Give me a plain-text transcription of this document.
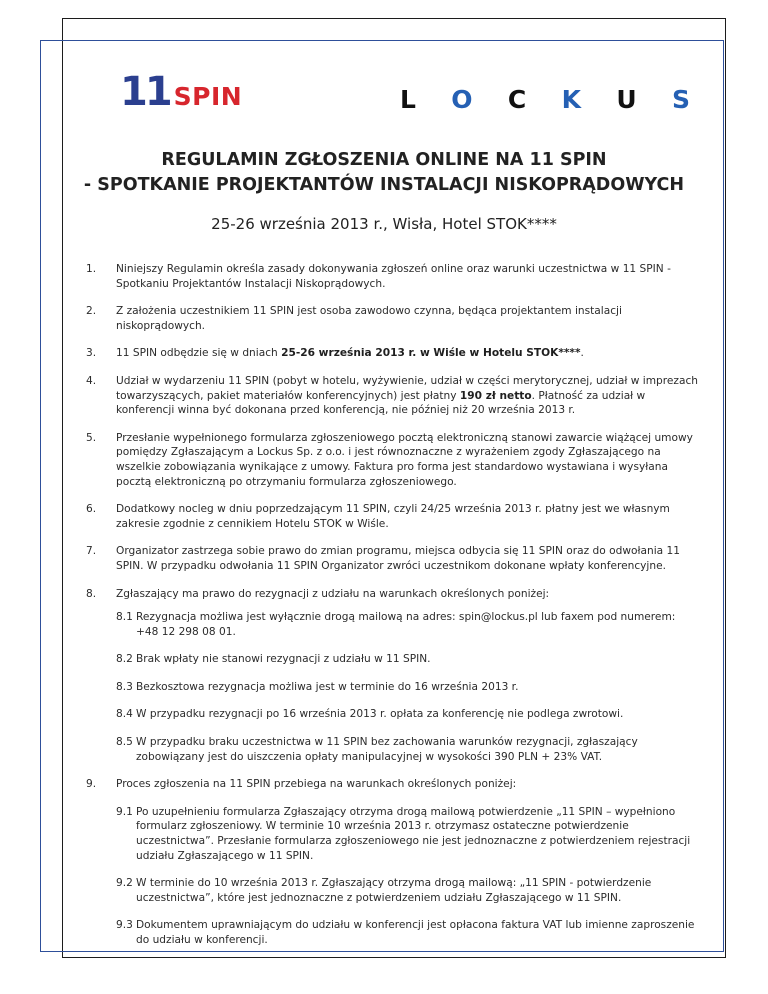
11 SPIN	L O C K U S
REGULAMIN ZGŁOSZENIA ONLINE NA 11 SPIN
- SPOTKANIE PROJEKTANTÓW INSTALACJI NISKOPRĄDOWYCH
25-26 września 2013 r., Wisła, Hotel STOK****
1.	Niniejszy Regulamin określa zasady dokonywania zgłoszeń online oraz warunki uczestnictwa w 11 SPIN - Spotkaniu Projektantów Instalacji Niskoprądowych.
2.	Z założenia uczestnikiem 11 SPIN jest osoba zawodowo czynna, będąca projektantem instalacji niskoprądowych.
3.	11 SPIN odbędzie się w dniach 25-26 września 2013 r. w Wiśle w Hotelu STOK****.
4.	Udział w wydarzeniu 11 SPIN (pobyt w hotelu, wyżywienie, udział w części merytorycznej, udział w imprezach towarzyszących, pakiet materiałów konferencyjnych) jest płatny 190 zł netto. Płatność za udział w konferencji winna być dokonana przed konferencją, nie później niż 20 września 2013 r.
5.	Przesłanie wypełnionego formularza zgłoszeniowego pocztą elektroniczną stanowi zawarcie wiążącej umowy pomiędzy Zgłaszającym a Lockus Sp. z o.o. i jest równoznaczne z wyrażeniem zgody Zgłaszającego na wszelkie zobowiązania wynikające z umowy. Faktura pro forma jest standardowo wystawiana i wysyłana pocztą elektroniczną po otrzymaniu formularza zgłoszeniowego.
6.	Dodatkowy nocleg w dniu poprzedzającym 11 SPIN, czyli 24/25 września 2013 r. płatny jest we własnym zakresie zgodnie z cennikiem Hotelu STOK w Wiśle.
7.	Organizator zastrzega sobie prawo do zmian programu, miejsca odbycia się 11 SPIN oraz do odwołania 11 SPIN. W przypadku odwołania 11 SPIN Organizator zwróci uczestnikom dokonane wpłaty konferencyjne.
8.	Zgłaszający ma prawo do rezygnacji z udziału na warunkach określonych poniżej:
8.1 Rezygnacja możliwa jest wyłącznie drogą mailową na adres: spin@lockus.pl lub faxem pod numerem: +48 12 298 08 01.
8.2 Brak wpłaty nie stanowi rezygnacji z udziału w 11 SPIN.
8.3 Bezkosztowa rezygnacja możliwa jest w terminie do 16 września 2013 r.
8.4 W przypadku rezygnacji po 16 września 2013 r. opłata za konferencję nie podlega zwrotowi.
8.5 W przypadku braku uczestnictwa w 11 SPIN bez zachowania warunków rezygnacji, zgłaszający zobowiązany jest do uiszczenia opłaty manipulacyjnej w wysokości 390 PLN + 23% VAT.
9.	Proces zgłoszenia na 11 SPIN przebiega na warunkach określonych poniżej:
9.1 Po uzupełnieniu formularza Zgłaszający otrzyma drogą mailową potwierdzenie „11 SPIN – wypełniono formularz zgłoszeniowy. W terminie 10 września 2013 r. otrzymasz ostateczne potwierdzenie uczestnictwa”. Przesłanie formularza zgłoszeniowego nie jest jednoznaczne z potwierdzeniem rejestracji udziału Zgłaszającego w 11 SPIN.
9.2 W terminie do 10 września 2013 r. Zgłaszający otrzyma drogą mailową: „11 SPIN - potwierdzenie uczestnictwa”, które jest jednoznaczne z potwierdzeniem udziału Zgłaszającego w 11 SPIN.
9.3 Dokumentem uprawniającym do udziału w konferencji jest opłacona faktura VAT lub imienne zaproszenie do udziału w konferencji.
